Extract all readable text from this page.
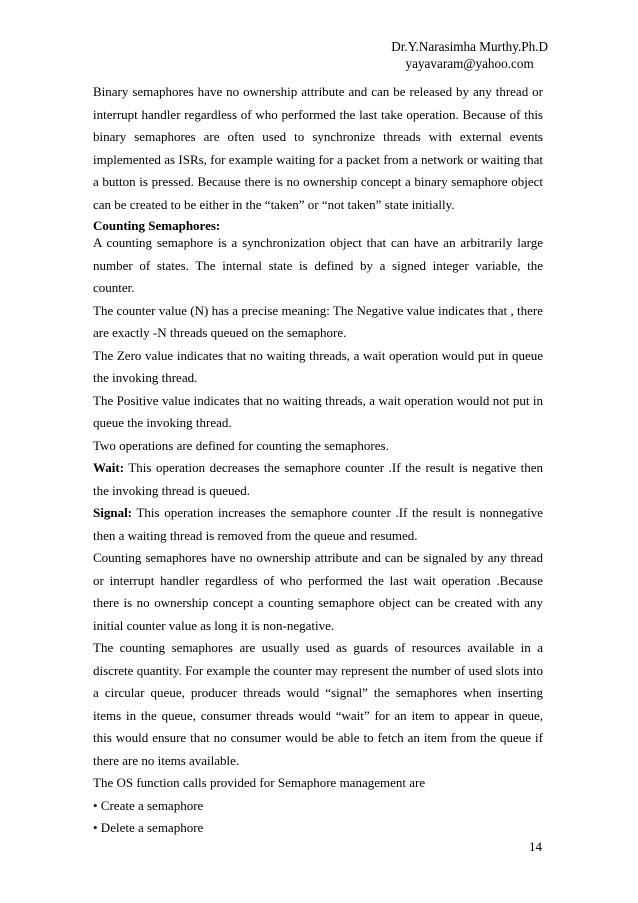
Dr.Y.Narasimha Murthy.Ph.D
yayavaram@yahoo.com

Binary semaphores have no ownership attribute and can be released by any thread or interrupt handler regardless of who performed the last take operation. Because of this binary semaphores are often used to synchronize threads with external events implemented as ISRs, for example waiting for a packet from a network or waiting that a button is pressed. Because there is no ownership concept a binary semaphore object can be created to be either in the “taken” or “not taken” state initially.

Counting Semaphores:

A counting semaphore is a synchronization object that can have an arbitrarily large number of states. The internal state is defined by a signed integer variable, the counter.

The counter value (N) has a precise meaning: The Negative value indicates that , there are exactly -N threads queued on the semaphore.

The Zero value indicates that no waiting threads, a wait operation would put in queue the invoking thread.

The Positive value indicates that no waiting threads, a wait operation would not put in queue the invoking thread.

Two operations are defined for counting the semaphores.

Wait: This operation decreases the semaphore counter .If the result is negative then the invoking thread is queued.

Signal: This operation increases the semaphore counter .If the result is nonnegative then a waiting thread is removed from the queue and resumed.

Counting semaphores have no ownership attribute and can be signaled by any thread or interrupt handler regardless of who performed the last wait operation .Because there is no ownership concept a counting semaphore object can be created with any initial counter value as long it is non-negative.

The counting semaphores are usually used as guards of resources available in a discrete quantity. For example the counter may represent the number of used slots into a circular queue, producer threads would “signal” the semaphores when inserting items in the queue, consumer threads would “wait” for an item to appear in queue, this would ensure that no consumer would be able to fetch an item from the queue if there are no items available.

The OS function calls provided for Semaphore management are

• Create a semaphore

• Delete a semaphore

14
